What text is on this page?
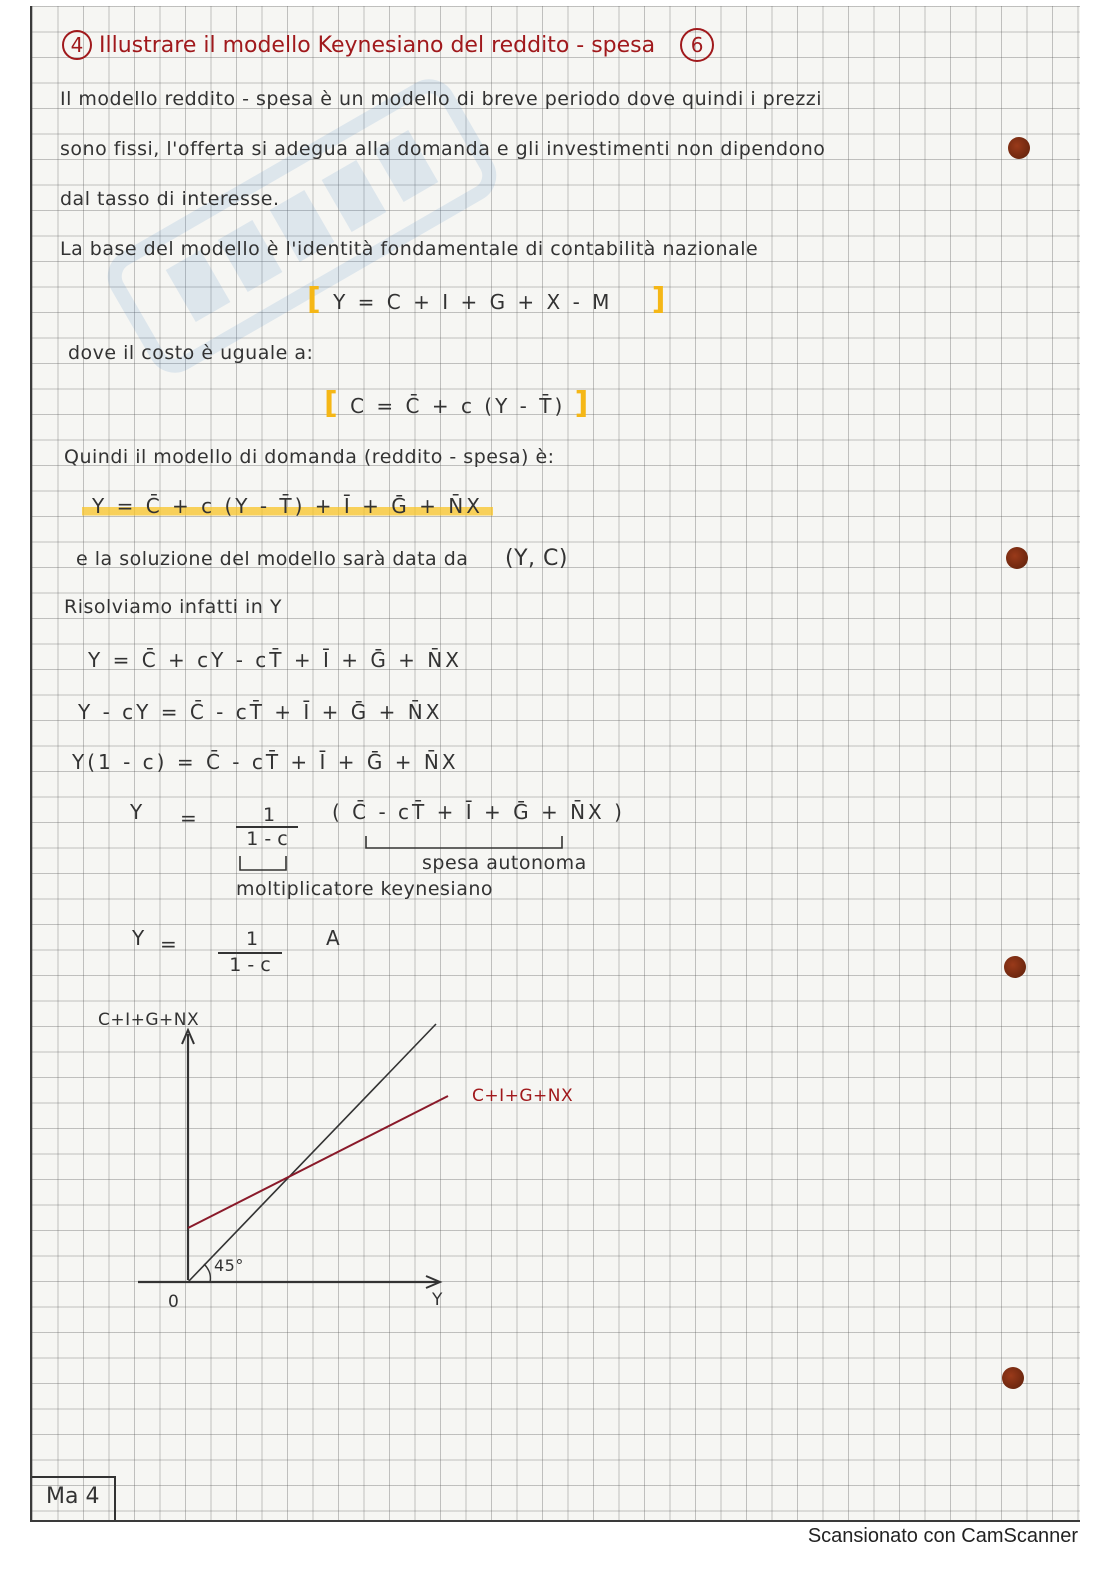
4 Illustrare il modello Keynesiano del reddito - spesa 6
Il modello reddito - spesa è un modello di breve periodo dove quindi i prezzi
sono fissi, l'offerta si adegua alla domanda e gli investimenti non dipendono
dal tasso di interesse.
La base del modello è l'identità fondamentale di contabilità nazionale
[ Y = C + I + G + X - M ]
dove il costo è uguale a:
[ C = C̄ + c (Y - T̄) ]
Quindi il modello di domanda (reddito - spesa) è:
Y = C̄ + c (Y - T̄) + Ī + Ḡ + N̄X
e la soluzione del modello sarà data da (Y, C)
Risolviamo infatti in Y
Y = C̄ + cY - cT̄ + Ī + Ḡ + N̄X
Y - cY = C̄ - cT̄ + Ī + Ḡ + N̄X
Y(1 - c) = C̄ - cT̄ + Ī + Ḡ + N̄X
Y =	1
1 - c
( C̄ - cT̄ + Ī + Ḡ + N̄X )
spesa autonoma
moltiplicatore keynesiano
Y =	1
1 - c
A
C+I+G+NX
Y
0
45°
C+I+G+NX
Ma 4
Scansionato con CamScanner
